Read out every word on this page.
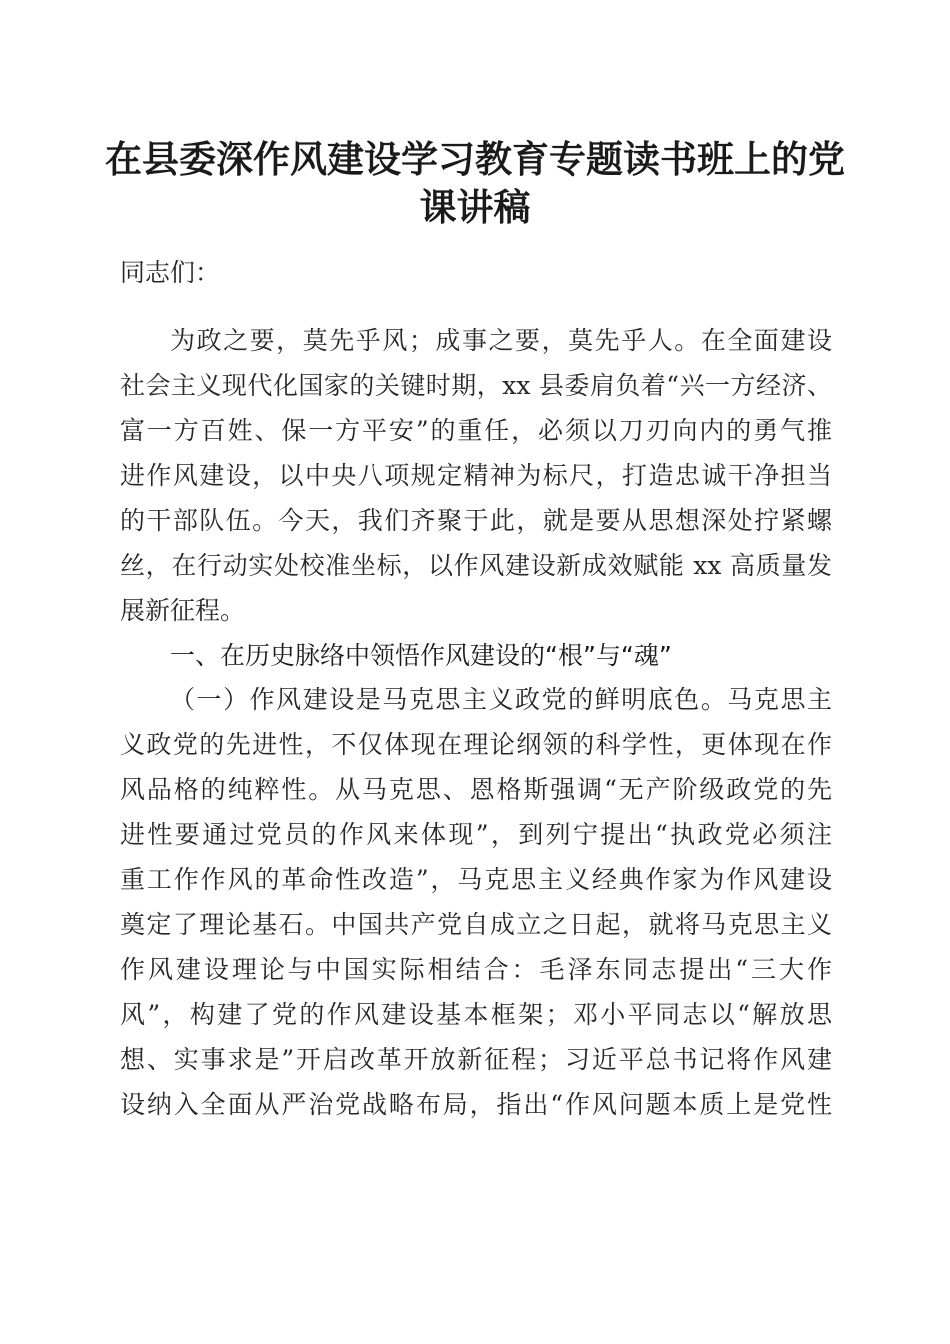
在县委深作风建设学习教育专题读书班上的党
课讲稿
同志们：
为政之要，莫先乎风；成事之要，莫先乎人。在全面建设
社会主义现代化国家的关键时期，xx 县委肩负着“兴一方经济、
富一方百姓、保一方平安”的重任，必须以刀刃向内的勇气推
进作风建设，以中央八项规定精神为标尺，打造忠诚干净担当
的干部队伍。今天，我们齐聚于此，就是要从思想深处拧紧螺
丝，在行动实处校准坐标，以作风建设新成效赋能 xx 高质量发
展新征程。
一、在历史脉络中领悟作风建设的“根”与“魂”
（一）作风建设是马克思主义政党的鲜明底色。马克思主
义政党的先进性，不仅体现在理论纲领的科学性，更体现在作
风品格的纯粹性。从马克思、恩格斯强调“无产阶级政党的先
进性要通过党员的作风来体现”，到列宁提出“执政党必须注
重工作作风的革命性改造”，马克思主义经典作家为作风建设
奠定了理论基石。中国共产党自成立之日起，就将马克思主义
作风建设理论与中国实际相结合：毛泽东同志提出“三大作
风”，构建了党的作风建设基本框架；邓小平同志以“解放思
想、实事求是”开启改革开放新征程；习近平总书记将作风建
设纳入全面从严治党战略布局，指出“作风问题本质上是党性
